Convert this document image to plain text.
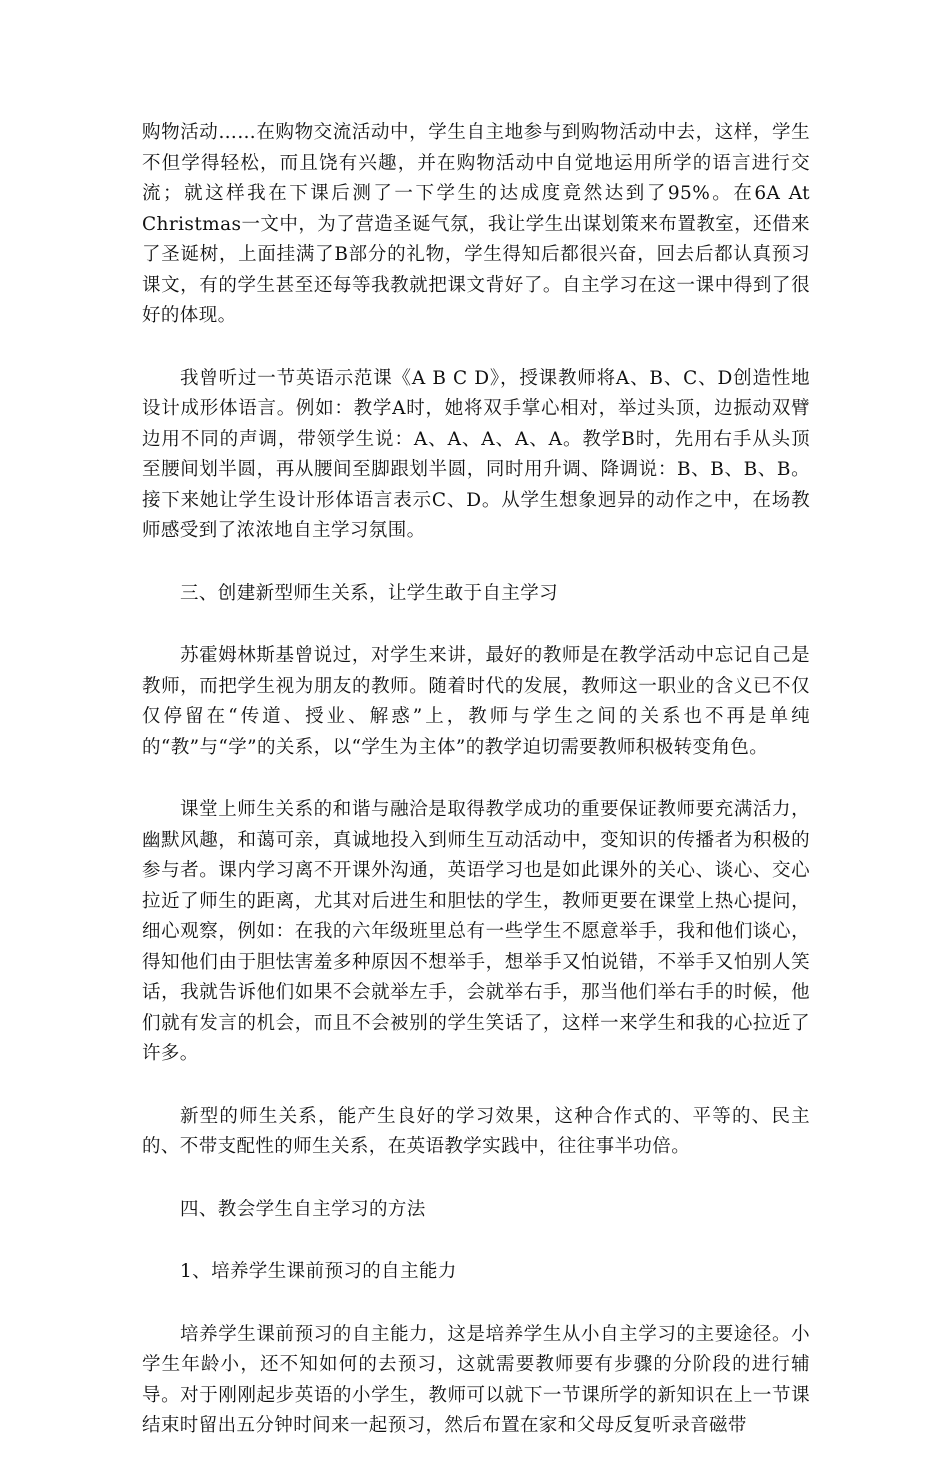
购物活动……在购物交流活动中，学生自主地参与到购物活动中去，这样，学生不但学得轻松，而且饶有兴趣，并在购物活动中自觉地运用所学的语言进行交流；就这样我在下课后测了一下学生的达成度竟然达到了95%。在6A At Christmas一文中，为了营造圣诞气氛，我让学生出谋划策来布置教室，还借来了圣诞树，上面挂满了B部分的礼物，学生得知后都很兴奋，回去后都认真预习课文，有的学生甚至还每等我教就把课文背好了。自主学习在这一课中得到了很好的体现。

我曾听过一节英语示范课《A B C D》，授课教师将A、B、C、D创造性地设计成形体语言。例如：教学A时，她将双手掌心相对，举过头顶，边振动双臂边用不同的声调，带领学生说：A、A、A、A、A。教学B时，先用右手从头顶至腰间划半圆，再从腰间至脚跟划半圆，同时用升调、降调说：B、B、B、B。接下来她让学生设计形体语言表示C、D。从学生想象迥异的动作之中，在场教师感受到了浓浓地自主学习氛围。

三、创建新型师生关系，让学生敢于自主学习

苏霍姆林斯基曾说过，对学生来讲，最好的教师是在教学活动中忘记自己是教师，而把学生视为朋友的教师。随着时代的发展，教师这一职业的含义已不仅仅停留在“传道、授业、解惑”上，教师与学生之间的关系也不再是单纯的“教”与“学”的关系，以“学生为主体”的教学迫切需要教师积极转变角色。

课堂上师生关系的和谐与融洽是取得教学成功的重要保证教师要充满活力，幽默风趣，和蔼可亲，真诚地投入到师生互动活动中，变知识的传播者为积极的参与者。课内学习离不开课外沟通，英语学习也是如此课外的关心、谈心、交心拉近了师生的距离，尤其对后进生和胆怯的学生，教师更要在课堂上热心提问，细心观察，例如：在我的六年级班里总有一些学生不愿意举手，我和他们谈心，得知他们由于胆怯害羞多种原因不想举手，想举手又怕说错，不举手又怕别人笑话，我就告诉他们如果不会就举左手，会就举右手，那当他们举右手的时候，他们就有发言的机会，而且不会被别的学生笑话了，这样一来学生和我的心拉近了许多。

新型的师生关系，能产生良好的学习效果，这种合作式的、平等的、民主的、不带支配性的师生关系，在英语教学实践中，往往事半功倍。

四、教会学生自主学习的方法

1、培养学生课前预习的自主能力

培养学生课前预习的自主能力，这是培养学生从小自主学习的主要途径。小学生年龄小，还不知如何的去预习，这就需要教师要有步骤的分阶段的进行辅导。对于刚刚起步英语的小学生，教师可以就下一节课所学的新知识在上一节课结束时留出五分钟时间来一起预习，然后布置在家和父母反复听录音磁带
